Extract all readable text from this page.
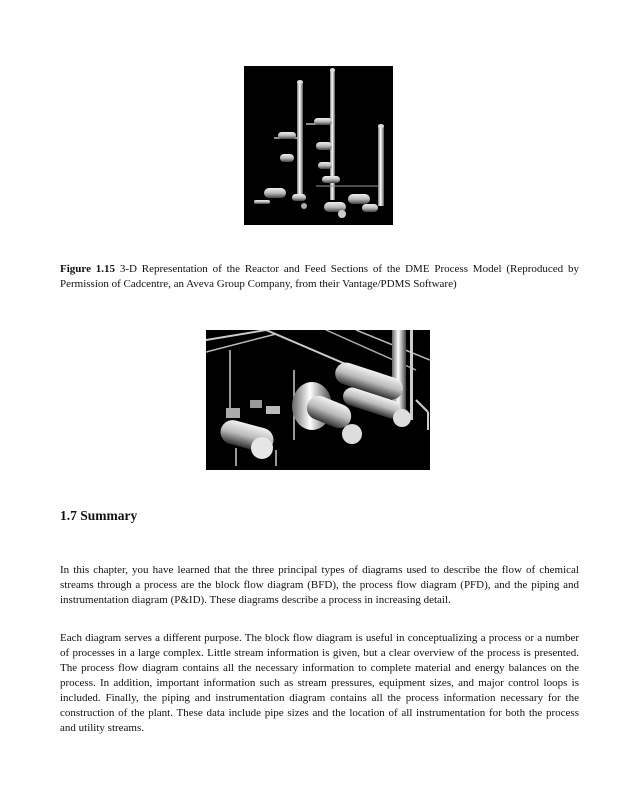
Figure 1.15 3-D Representation of the Reactor and Feed Sections of the DME Process Model (Reproduced by Permission of Cadcentre, an Aveva Group Company, from their Vantage/PDMS Software)

1.7 Summary

In this chapter, you have learned that the three principal types of diagrams used to describe the flow of chemical streams through a process are the block flow diagram (BFD), the process flow diagram (PFD), and the piping and instrumentation diagram (P&ID). These diagrams describe a process in increasing detail.

Each diagram serves a different purpose. The block flow diagram is useful in conceptualizing a process or a number of processes in a large complex. Little stream information is given, but a clear overview of the process is presented. The process flow diagram contains all the necessary information to complete material and energy balances on the process. In addition, important information such as stream pressures, equipment sizes, and major control loops is included. Finally, the piping and instrumentation diagram contains all the process information necessary for the construction of the plant. These data include pipe sizes and the location of all instrumentation for both the process and utility streams.
